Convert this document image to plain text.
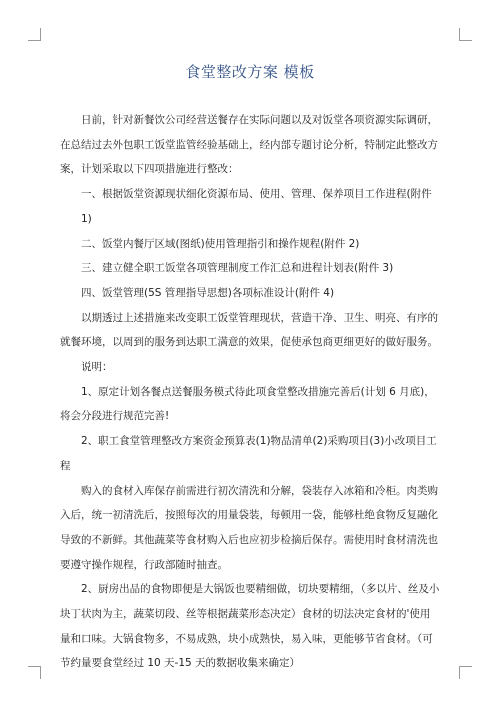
食堂整改方案 模板

日前，针对新餐饮公司经营送餐存在实际问题以及对饭堂各项资源实际调研，在总结过去外包职工饭堂监管经验基础上，经内部专题讨论分析，特制定此整改方案，计划采取以下四项措施进行整改：

一、根据饭堂资源现状细化资源布局、使用、管理、保养项目工作进程(附件 1)

二、饭堂内餐厅区域(图纸)使用管理指引和操作规程(附件 2)

三、建立健全职工饭堂各项管理制度工作汇总和进程计划表(附件 3)

四、饭堂管理(5S 管理指导思想)各项标准设计(附件 4)

以期透过上述措施来改变职工饭堂管理现状，营造干净、卫生、明亮、有序的就餐环境，以周到的服务到达职工满意的效果，促使承包商更细更好的做好服务。

说明：

1、原定计划各餐点送餐服务模式待此项食堂整改措施完善后(计划 6 月底)，将会分段进行规范完善!

2、职工食堂管理整改方案资金预算表(1)物品清单(2)采购项目(3)小改项目工程

购入的食材入库保存前需进行初次清洗和分解，袋装存入冰箱和冷柜。肉类购入后，统一初清洗后，按照每次的用量袋装，每顿用一袋，能够杜绝食物反复融化导致的不新鲜。其他蔬菜等食材购入后也应初步检摘后保存。需使用时食材清洗也要遵守操作规程，行政部随时抽查。

2、厨房出品的食物即便是大锅饭也要精细做，切块要精细，（多以片、丝及小块丁状肉为主，蔬菜切段、丝等根据蔬菜形态决定）食材的切法决定食材的'使用量和口味。大锅食物多，不易成熟，块小成熟快，易入味，更能够节省食材。（可节约量要食堂经过 10 天-15 天的数据收集来确定）
